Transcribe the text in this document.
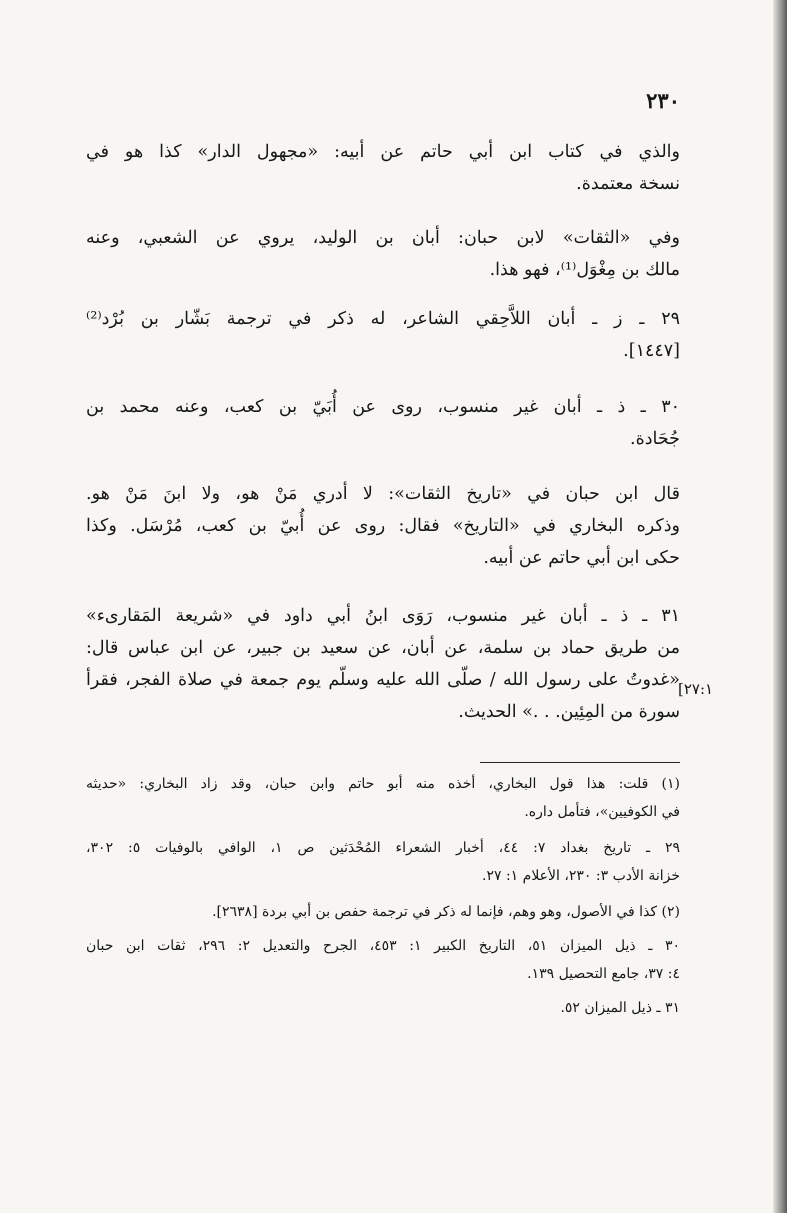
٢٣٠
والذي في كتاب ابن أبي حاتم عن أبيه: «مجهول الدار» كذا هو في
نسخة معتمدة.
وفي «الثقات» لابن حبان: أبان بن الوليد، يروي عن الشعبي، وعنه
مالك بن مِغْوَل⁽¹⁾، فهو هذا.
٢٩ ـ ز ـ أبان اللاَّحِقي الشاعر، له ذكر في ترجمة بَشّار بن بُرْد⁽²⁾
[١٤٤٧].
٣٠ ـ ذ ـ أبان غير منسوب، روى عن أُبَيّ بن كعب، وعنه محمد بن
جُحَادة.
قال ابن حبان في «تاريخ الثقات»: لا أدري مَنْ هو، ولا ابنَ مَنْ هو.
وذكره البخاري في «التاريخ» فقال: روى عن أُبيّ بن كعب، مُرْسَل. وكذا
حكى ابن أبي حاتم عن أبيه.
٣١ ـ ذ ـ أبان غير منسوب، رَوَى ابنُ أبي داود في «شريعة المَقارىء»
من طريق حماد بن سلمة، عن أبان، عن سعيد بن جبير، عن ابن عباس قال:
«غدوتُ على رسول الله / صلّى الله عليه وسلّم يوم جمعة في صلاة الفجر، فقرأ
سورة من المِئِين. . .» الحديث.
[٢٧:١
(١) قلت: هذا قول البخاري، أخذه منه أبو حاتم وابن حبان، وقد زاد البخاري: «حديثه
في الكوفيين»، فتأمل داره.
٢٩ ـ تاريخ بغداد ٧: ٤٤، أخبار الشعراء المُحْدَثين ص ١، الوافي بالوفيات ٥: ٣٠٢،
خزانة الأدب ٣: ٢٣٠، الأعلام ١: ٢٧.
(٢) كذا في الأصول، وهو وهم، فإنما له ذكر في ترجمة حفص بن أبي بردة [٢٦٣٨].
٣٠ ـ ذيل الميزان ٥١، التاريخ الكبير ١: ٤٥٣، الجرح والتعديل ٢: ٢٩٦، ثقات ابن حبان
٤: ٣٧، جامع التحصيل ١٣٩.
٣١ ـ ذيل الميزان ٥٢.
